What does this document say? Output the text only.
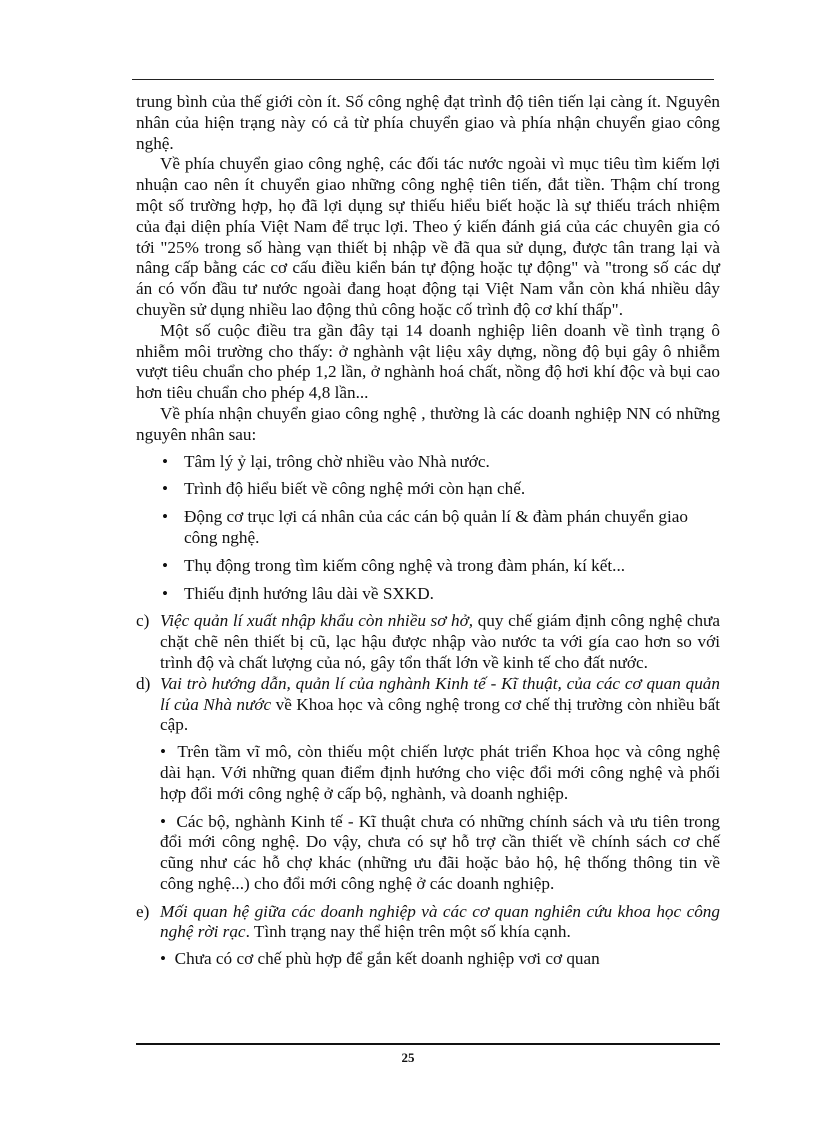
trung bình của thế giới còn ít. Số công nghệ đạt trình độ tiên tiến lại càng ít. Nguyên nhân của hiện trạng này có cả từ phía chuyển giao và phía nhận chuyển giao công nghệ.

Về phía chuyển giao công nghệ, các đối tác nước ngoài vì mục tiêu tìm kiếm lợi nhuận cao nên ít chuyển giao những công nghệ tiên tiến, đắt tiền. Thậm chí trong một số trường hợp, họ đã lợi dụng sự thiếu hiểu biết hoặc là sự thiếu trách nhiệm của đại diện phía Việt Nam để trục lợi. Theo ý kiến đánh giá của các chuyên gia có tới "25% trong số hàng vạn thiết bị nhập về đã qua sử dụng, được tân trang lại và nâng cấp bằng các cơ cấu điều kiển bán tự động hoặc tự động" và "trong số các dự án có vốn đầu tư nước ngoài đang hoạt động tại Việt Nam vẫn còn khá nhiều dây chuyền sử dụng nhiều lao động thủ công hoặc cố trình độ cơ khí thấp".

Một số cuộc điều tra gần đây tại 14 doanh nghiệp liên doanh về tình trạng ô nhiễm môi trường cho thấy: ở nghành vật liệu xây dựng, nồng độ bụi gây ô nhiễm vượt tiêu chuẩn cho phép 1,2 lần, ở nghành hoá chất, nồng độ hơi khí độc và bụi cao hơn tiêu chuẩn cho phép 4,8 lần...

Về phía nhận chuyển giao công nghệ , thường là các doanh nghiệp NN có những nguyên nhân sau:

• Tâm lý ỷ lại, trông chờ nhiều vào Nhà nước.
• Trình độ hiểu biết về công nghệ mới còn hạn chế.
• Động cơ trục lợi cá nhân của các cán bộ quản lí & đàm phán chuyển giao công nghệ.
• Thụ động trong tìm kiếm công nghệ và trong đàm phán, kí kết...
• Thiếu định hướng lâu dài về SXKD.
c) Việc quản lí xuất nhập khẩu còn nhiều sơ hở, quy chế giám định công nghệ chưa chặt chẽ nên thiết bị cũ, lạc hậu được nhập vào nước ta với gía cao hơn so với trình độ và chất lượng của nó, gây tổn thất lớn về kinh tế cho đất nước.
d) Vai trò hướng dẫn, quản lí của nghành Kinh tế - Kĩ thuật, của các cơ quan quản lí của Nhà nước về Khoa học và công nghệ trong cơ chế thị trường còn nhiều bất cập.
• Trên tầm vĩ mô, còn thiếu một chiến lược phát triển Khoa học và công nghệ dài hạn. Với những quan điểm định hướng cho việc đổi mới công nghệ và phối hợp đổi mới công nghệ ở cấp bộ, nghành, và doanh nghiệp.
• Các bộ, nghành Kinh tế - Kĩ thuật chưa có những chính sách và ưu tiên trong đổi mới công nghệ. Do vậy, chưa có sự hỗ trợ cần thiết về chính sách cơ chế cũng như các hỗ chợ khác (những ưu đãi hoặc bảo hộ, hệ thống thông tin về công nghệ...) cho đổi mới công nghệ ở các doanh nghiệp.
e) Mối quan hệ giữa các doanh nghiệp và các cơ quan nghiên cứu khoa học công nghệ rời rạc. Tình trạng nay thể hiện trên một số khía cạnh.
• Chưa có cơ chế phù hợp để gắn kết doanh nghiệp vơi cơ quan
25
